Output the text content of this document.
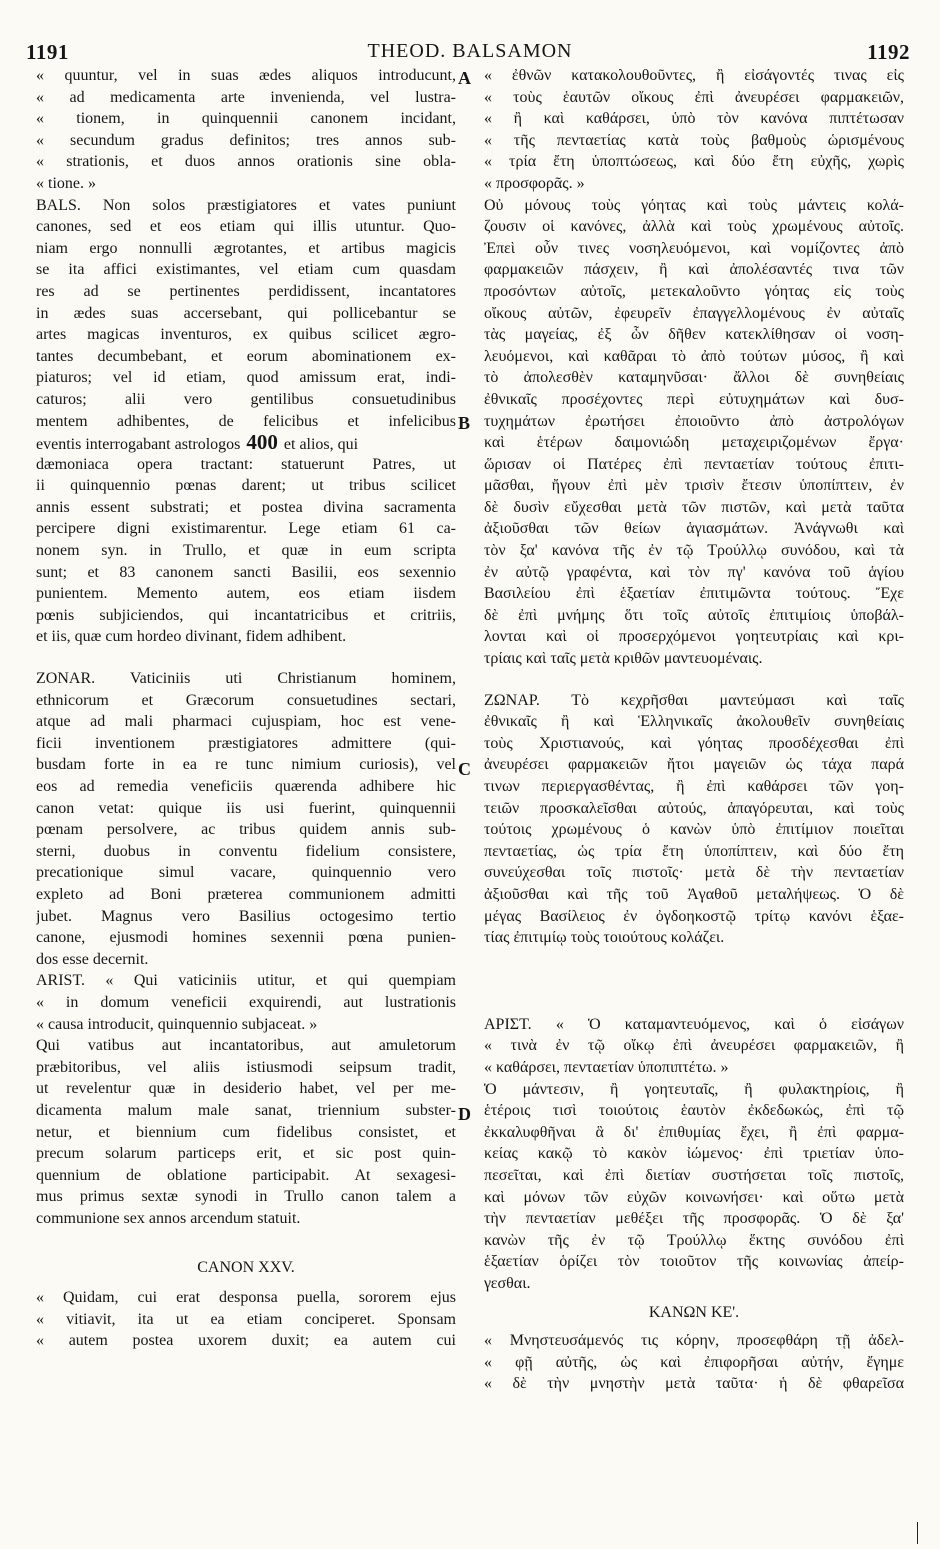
1191	THEOD. BALSAMON	1192
A
B
C
D
« quuntur, vel in suas ædes aliquos introducunt,
« ad medicamenta arte invenienda, vel lustra-
« tionem, in quinquennii canonem incidant,
« secundum gradus definitos; tres annos sub-
« strationis, et duos annos orationis sine obla-
« tione. »
BALS. Non solos præstigiatores et vates puniunt
canones, sed et eos etiam qui illis utuntur. Quo-
niam ergo nonnulli ægrotantes, et artibus magicis
se ita affici existimantes, vel etiam cum quasdam
res ad se pertinentes perdidissent, incantatores
in ædes suas accersebant, qui pollicebantur se
artes magicas inventuros, ex quibus scilicet ægro-
tantes decumbebant, et eorum abominationem ex-
piaturos; vel id etiam, quod amissum erat, indi-
caturos; alii vero gentilibus consuetudinibus
mentem adhibentes, de felicibus et infelicibus
eventis interrogabant astrologos 400 et alios, qui
dæmoniaca opera tractant: statuerunt Patres, ut
ii quinquennio pœnas darent; ut tribus scilicet
annis essent substrati; et postea divina sacramenta
percipere digni existimarentur. Lege etiam 61 ca-
nonem syn. in Trullo, et quæ in eum scripta
sunt; et 83 canonem sancti Basilii, eos sexennio
punientem. Memento autem, eos etiam iisdem
pœnis subjiciendos, qui incantatricibus et critriis,
et iis, quæ cum hordeo divinant, fidem adhibent.
ZONAR. Vaticiniis uti Christianum hominem,
ethnicorum et Græcorum consuetudines sectari,
atque ad mali pharmaci cujuspiam, hoc est vene-
ficii inventionem præstigiatores admittere (qui-
busdam forte in ea re tunc nimium curiosis), vel
eos ad remedia veneficiis quærenda adhibere hic
canon vetat: quique iis usi fuerint, quinquennii
pœnam persolvere, ac tribus quidem annis sub-
sterni, duobus in conventu fidelium consistere,
precationique simul vacare, quinquennio vero
expleto ad Boni præterea communionem admitti
jubet. Magnus vero Basilius octogesimo tertio
canone, ejusmodi homines sexennii pœna punien-
dos esse decernit.
ARIST. « Qui vaticiniis utitur, et qui quempiam
« in domum veneficii exquirendi, aut lustrationis
« causa introducit, quinquennio subjaceat. »
Qui vatibus aut incantatoribus, aut amuletorum
præbitoribus, vel aliis istiusmodi seipsum tradit,
ut revelentur quæ in desiderio habet, vel per me-
dicamenta malum male sanat, triennium subster-
netur, et biennium cum fidelibus consistet, et
precum solarum particeps erit, et sic post quin-
quennium de oblatione participabit. At sexagesi-
mus primus sextæ synodi in Trullo canon talem a
communione sex annos arcendum statuit.
CANON XXV.
« Quidam, cui erat desponsa puella, sororem ejus
« vitiavit, ita ut ea etiam conciperet. Sponsam
« autem postea uxorem duxit; ea autem cui
« ἐθνῶν κατακολουθοῦντες, ἢ εἰσάγοντές τινας εἰς
« τοὺς ἑαυτῶν οἴκους ἐπὶ ἀνευρέσει φαρμακειῶν,
« ἢ καὶ καθάρσει, ὑπὸ τὸν κανόνα πιπτέτωσαν
« τῆς πενταετίας κατὰ τοὺς βαθμοὺς ὡρισμένους
« τρία ἔτη ὑποπτώσεως, καὶ δύο ἔτη εὐχῆς, χωρὶς
« προσφορᾶς. »
Οὐ μόνους τοὺς γόητας καὶ τοὺς μάντεις κολά-
ζουσιν οἱ κανόνες, ἀλλὰ καὶ τοὺς χρωμένους αὐτοῖς.
Ἐπεὶ οὖν τινες νοσηλευόμενοι, καὶ νομίζοντες ἀπὸ
φαρμακειῶν πάσχειν, ἢ καὶ ἀπολέσαντές τινα τῶν
προσόντων αὐτοῖς, μετεκαλοῦντο γόητας εἰς τοὺς
οἴκους αὐτῶν, ἐφευρεῖν ἐπαγγελλομένους ἐν αὐταῖς
τὰς μαγείας, ἐξ ὧν δῆθεν κατεκλίθησαν οἱ νοση-
λευόμενοι, καὶ καθᾶραι τὸ ἀπὸ τούτων μύσος, ἢ καὶ
τὸ ἀπολεσθὲν καταμηνῦσαι· ἄλλοι δὲ συνηθείαις
ἐθνικαῖς προσέχοντες περὶ εὐτυχημάτων καὶ δυσ-
τυχημάτων ἐρωτήσει ἐποιοῦντο ἀπὸ ἀστρολόγων
καὶ ἑτέρων δαιμονιώδη μεταχειριζομένων ἔργα·
ὥρισαν οἱ Πατέρες ἐπὶ πενταετίαν τούτους ἐπιτι-
μᾶσθαι, ἤγουν ἐπὶ μὲν τρισὶν ἔτεσιν ὑποπίπτειν, ἐν
δὲ δυσὶν εὔχεσθαι μετὰ τῶν πιστῶν, καὶ μετὰ ταῦτα
ἀξιοῦσθαι τῶν θείων ἁγιασμάτων. Ἀνάγνωθι καὶ
τὸν ξα' κανόνα τῆς ἐν τῷ Τρούλλῳ συνόδου, καὶ τὰ
ἐν αὐτῷ γραφέντα, καὶ τὸν πγ' κανόνα τοῦ ἁγίου
Βασιλείου ἐπὶ ἑξαετίαν ἐπιτιμῶντα τούτους. Ἔχε
δὲ ἐπὶ μνήμης ὅτι τοῖς αὐτοῖς ἐπιτιμίοις ὑποβάλ-
λονται καὶ οἱ προσερχόμενοι γοητευτρίαις καὶ κρι-
τρίαις καὶ ταῖς μετὰ κριθῶν μαντευομέναις.
ΖΩΝΑΡ. Τὸ κεχρῆσθαι μαντεύμασι καὶ ταῖς
ἐθνικαῖς ἢ καὶ Ἑλληνικαῖς ἀκολουθεῖν συνηθείαις
τοὺς Χριστιανούς, καὶ γόητας προσδέχεσθαι ἐπὶ
ἀνευρέσει φαρμακειῶν ἤτοι μαγειῶν ὡς τάχα παρά
τινων περιεργασθέντας, ἢ ἐπὶ καθάρσει τῶν γοη-
τειῶν προσκαλεῖσθαι αὐτούς, ἀπαγόρευται, καὶ τοὺς
τούτοις χρωμένους ὁ κανὼν ὑπὸ ἐπιτίμιον ποιεῖται
πενταετίας, ὡς τρία ἔτη ὑποπίπτειν, καὶ δύο ἔτη
συνεύχεσθαι τοῖς πιστοῖς· μετὰ δὲ τὴν πενταετίαν
ἀξιοῦσθαι καὶ τῆς τοῦ Ἀγαθοῦ μεταλήψεως. Ὁ δὲ
μέγας Βασίλειος ἐν ὀγδοηκοστῷ τρίτῳ κανόνι ἑξαε-
τίας ἐπιτιμίῳ τοὺς τοιούτους κολάζει.
ΑΡΙΣΤ. « Ὁ καταμαντευόμενος, καὶ ὁ εἰσάγων
« τινὰ ἐν τῷ οἴκῳ ἐπὶ ἀνευρέσει φαρμακειῶν, ἢ
« καθάρσει, πενταετίαν ὑποπιπτέτω. »
Ὁ μάντεσιν, ἢ γοητευταῖς, ἢ φυλακτηρίοις, ἢ
ἑτέροις τισὶ τοιούτοις ἑαυτὸν ἐκδεδωκώς, ἐπὶ τῷ
ἐκκαλυφθῆναι ἃ δι' ἐπιθυμίας ἔχει, ἢ ἐπὶ φαρμα-
κείας κακῷ τὸ κακὸν ἰώμενος· ἐπὶ τριετίαν ὑπο-
πεσεῖται, καὶ ἐπὶ διετίαν συστήσεται τοῖς πιστοῖς,
καὶ μόνων τῶν εὐχῶν κοινωνήσει· καὶ οὕτω μετὰ
τὴν πενταετίαν μεθέξει τῆς προσφορᾶς. Ὁ δὲ ξα'
κανὼν τῆς ἐν τῷ Τρούλλῳ ἕκτης συνόδου ἐπὶ
ἑξαετίαν ὁρίζει τὸν τοιοῦτον τῆς κοινωνίας ἀπείρ-
γεσθαι.
ΚΑΝΩΝ ΚΕ'.
« Μνηστευσάμενός τις κόρην, προσεφθάρη τῇ ἀδελ-
« φῇ αὐτῆς, ὡς καὶ ἐπιφορῆσαι αὐτήν, ἔγημε
« δὲ τὴν μνηστὴν μετὰ ταῦτα· ἡ δὲ φθαρεῖσα
